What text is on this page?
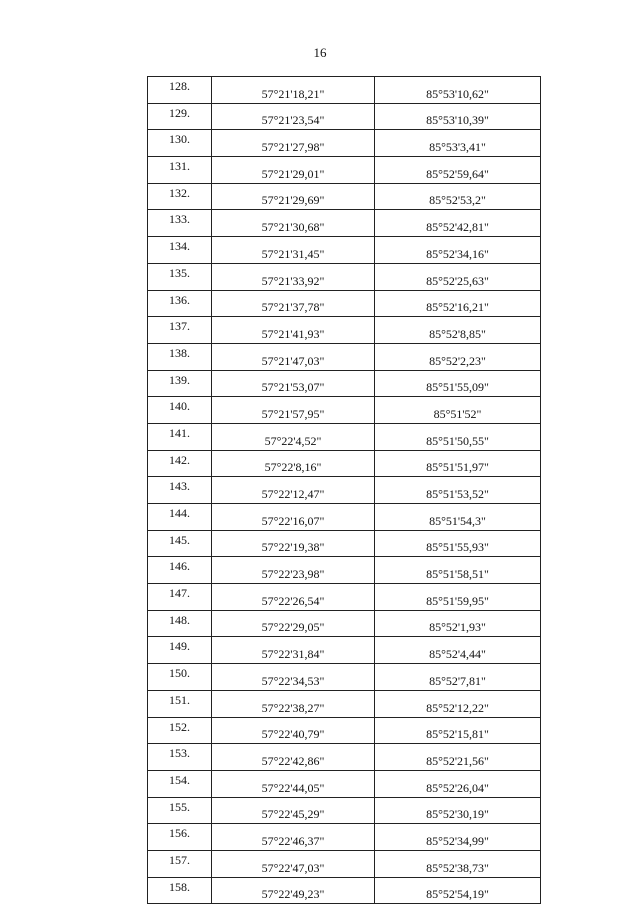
16
128.	57°21'18,21"	85°53'10,62"
129.	57°21'23,54"	85°53'10,39"
130.	57°21'27,98"	85°53'3,41"
131.	57°21'29,01"	85°52'59,64"
132.	57°21'29,69"	85°52'53,2"
133.	57°21'30,68"	85°52'42,81"
134.	57°21'31,45"	85°52'34,16"
135.	57°21'33,92"	85°52'25,63"
136.	57°21'37,78"	85°52'16,21"
137.	57°21'41,93"	85°52'8,85"
138.	57°21'47,03"	85°52'2,23"
139.	57°21'53,07"	85°51'55,09"
140.	57°21'57,95"	85°51'52"
141.	57°22'4,52"	85°51'50,55"
142.	57°22'8,16"	85°51'51,97"
143.	57°22'12,47"	85°51'53,52"
144.	57°22'16,07"	85°51'54,3"
145.	57°22'19,38"	85°51'55,93"
146.	57°22'23,98"	85°51'58,51"
147.	57°22'26,54"	85°51'59,95"
148.	57°22'29,05"	85°52'1,93"
149.	57°22'31,84"	85°52'4,44"
150.	57°22'34,53"	85°52'7,81"
151.	57°22'38,27"	85°52'12,22"
152.	57°22'40,79"	85°52'15,81"
153.	57°22'42,86"	85°52'21,56"
154.	57°22'44,05"	85°52'26,04"
155.	57°22'45,29"	85°52'30,19"
156.	57°22'46,37"	85°52'34,99"
157.	57°22'47,03"	85°52'38,73"
158.	57°22'49,23"	85°52'54,19"
